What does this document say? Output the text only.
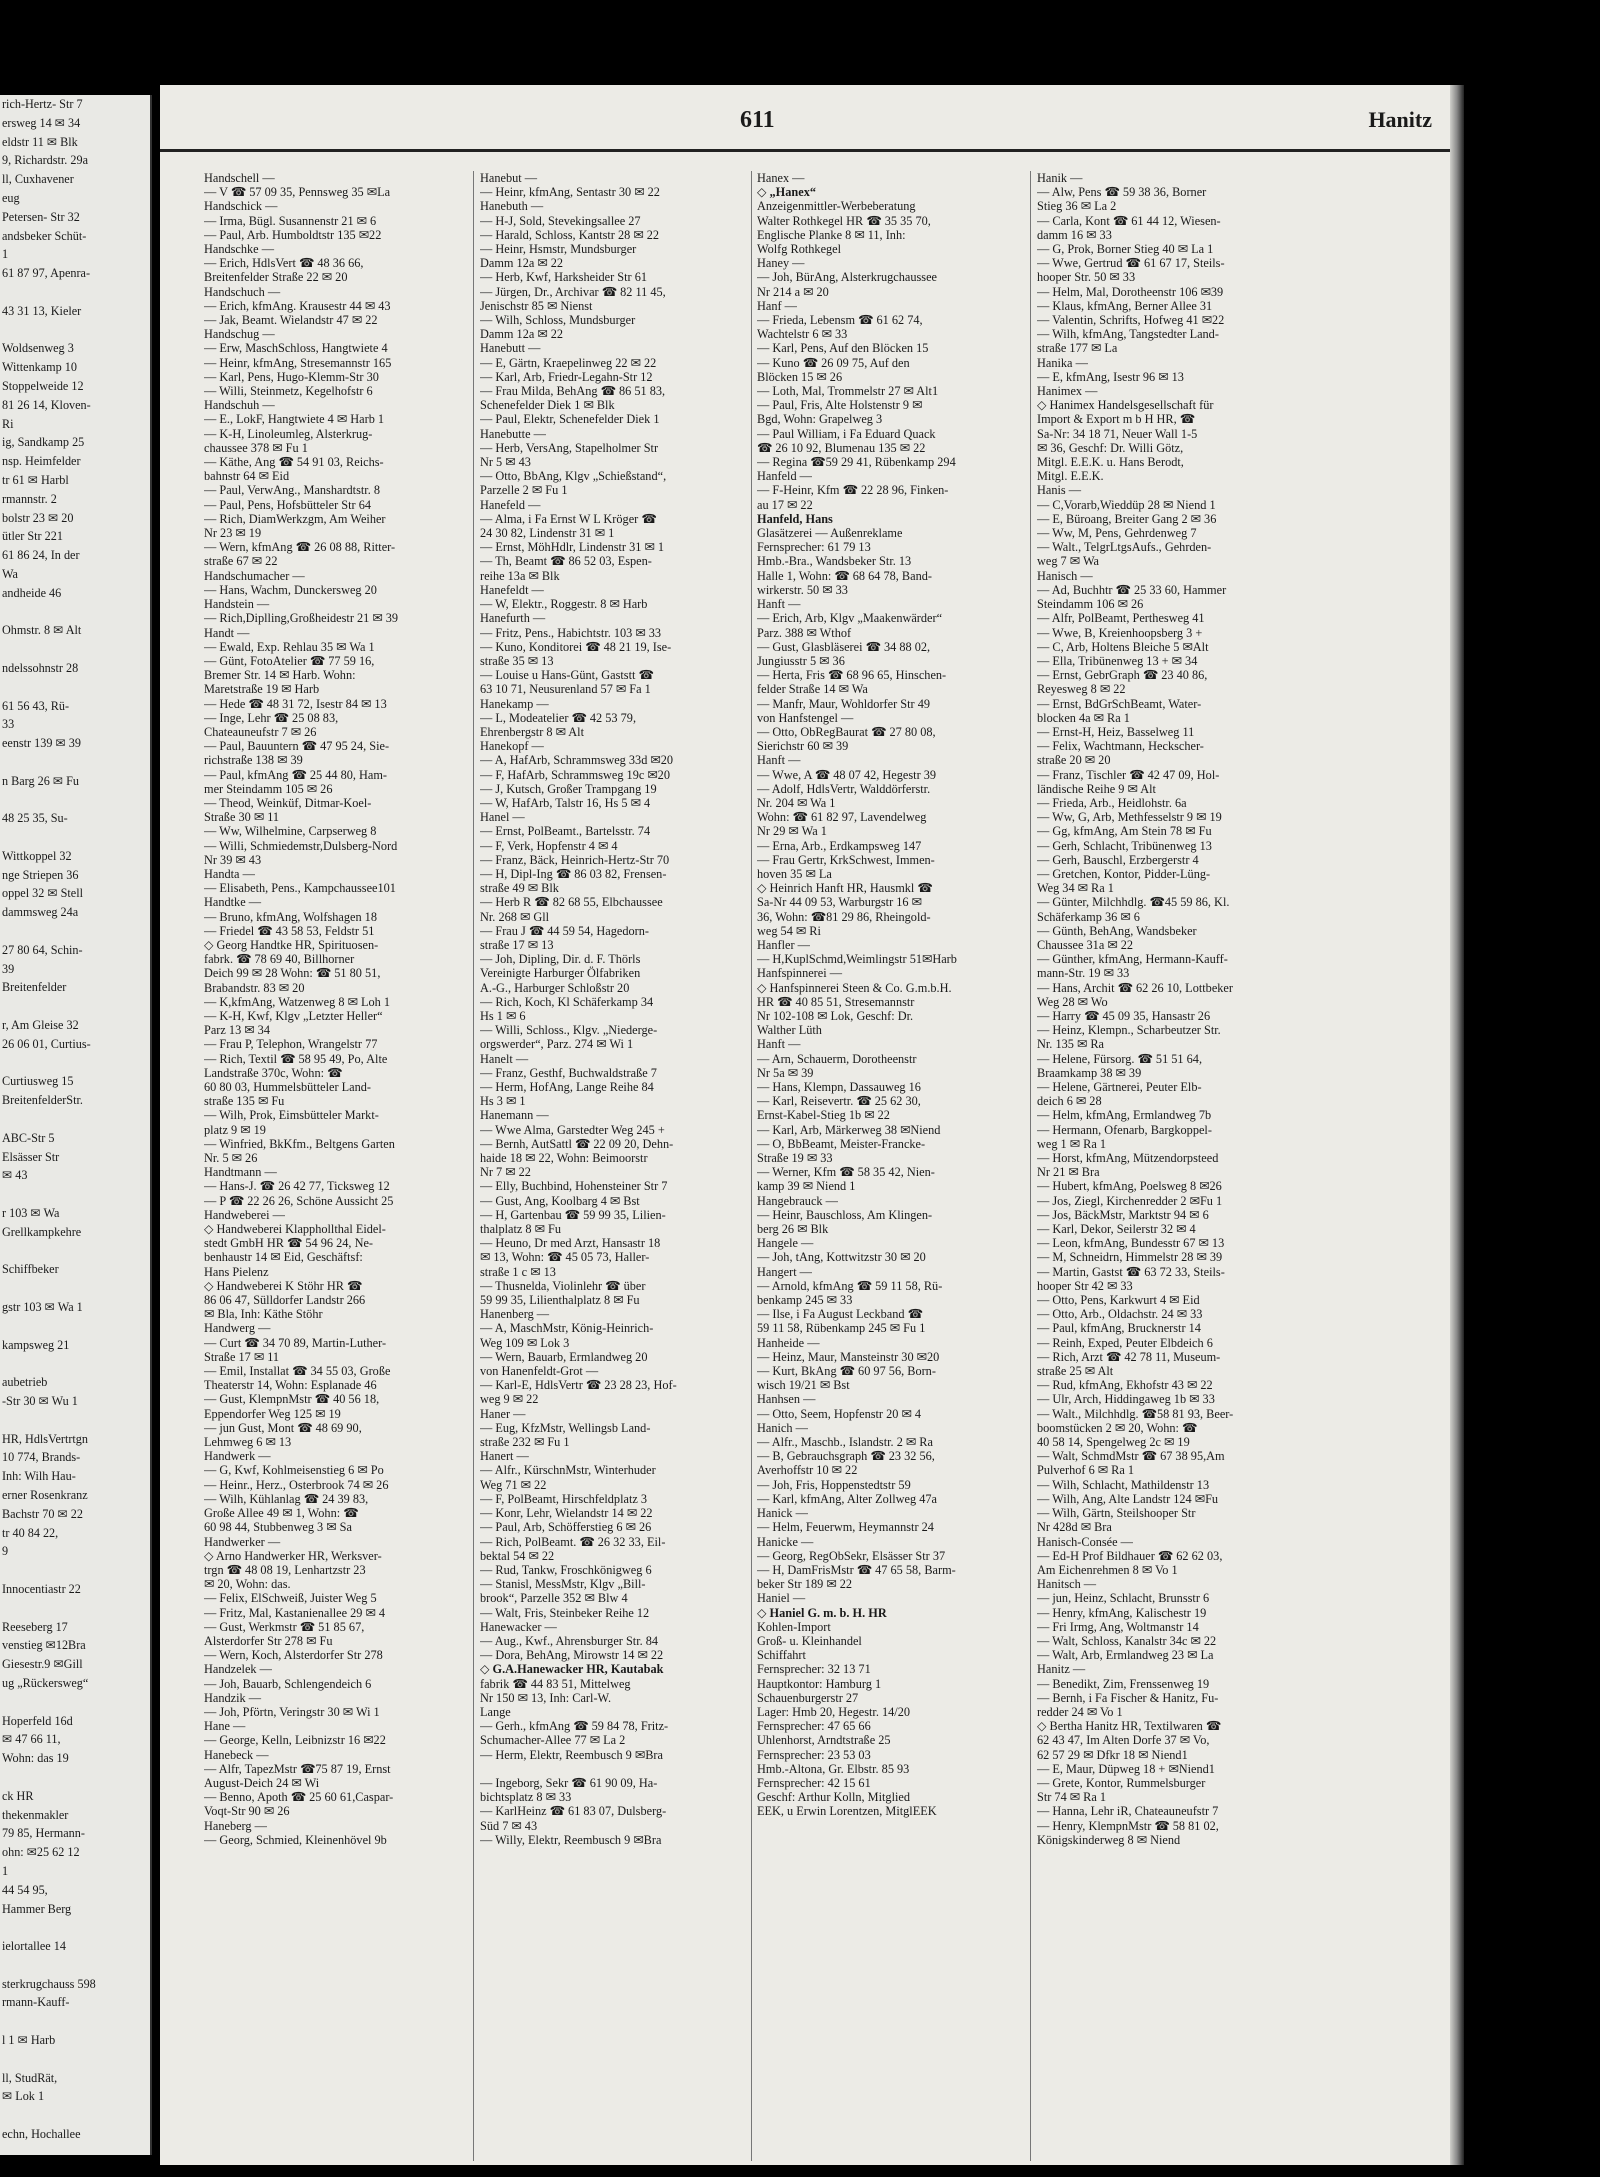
rich-Hertz- Str 7
ersweg 14 ✉ 34
eldstr 11 ✉ Blk
9, Richardstr. 29a
ll, Cuxhavener
eug
Petersen- Str 32
andsbeker Schüt-
1
61 87 97, Apenra-

43 31 13, Kieler

Woldsenweg 3
Wittenkamp 10
Stoppelweide 12
81 26 14, Kloven-
Ri
ig, Sandkamp 25
nsp. Heimfelder
tr 61 ✉ Harbl
rmannstr. 2
bolstr 23 ✉ 20
ütler Str 221
61 86 24, In der
Wa
andheide 46

Ohmstr. 8 ✉ Alt

ndelssohnstr 28

61 56 43, Rü-
33
eenstr 139 ✉ 39

n Barg 26 ✉ Fu

48 25 35, Su-

Wittkoppel 32
nge Striepen 36
oppel 32 ✉ Stell
dammsweg 24a

27 80 64, Schin-
39
Breitenfelder

r, Am Gleise 32
26 06 01, Curtius-

Curtiusweg 15
BreitenfelderStr.

ABC-Str 5
Elsässer Str
✉ 43

r 103 ✉ Wa
Grellkampkehre

Schiffbeker

gstr 103 ✉ Wa 1

kampsweg 21

aubetrieb
-Str 30 ✉ Wu 1

HR, HdlsVertrtgn
10 774, Brands-
Inh: Wilh Hau-
erner Rosenkranz
Bachstr 70 ✉ 22
tr 40 84 22,
9

Innocentiastr 22

Reeseberg 17
venstieg ✉12Bra
Giesestr.9 ✉Gill
ug „Rückersweg“

Hoperfeld 16d
✉ 47 66 11,
Wohn: das 19

ck HR
thekenmakler
79 85, Hermann-
ohn: ✉25 62 12
1
44 54 95,
Hammer Berg

ielortallee 14

sterkrugchauss 598
rmann-Kauff-

l 1 ✉ Harb

ll, StudRät,
✉ Lok 1

echn, Hochallee
611	Hanitz
Handschell —
— V ☎ 57 09 35, Pennsweg 35 ✉La
Handschick —
— Irma, Bügl. Susannenstr 21 ✉ 6
— Paul, Arb. Humboldtstr 135 ✉22
Handschke —
— Erich, HdlsVert ☎ 48 36 66,
Breitenfelder Straße 22 ✉ 20
Handschuch —
— Erich, kfmAng. Krausestr 44 ✉ 43
— Jak, Beamt. Wielandstr 47 ✉ 22
Handschug —
— Erw, MaschSchloss, Hangtwiete 4
— Heinr, kfmAng, Stresemannstr 165
— Karl, Pens, Hugo-Klemm-Str 30
— Willi, Steinmetz, Kegelhofstr 6
Handschuh —
— E., LokF, Hangtwiete 4 ✉ Harb 1
— K-H, Linoleumleg, Alsterkrug-
chaussee 378 ✉ Fu 1
— Käthe, Ang ☎ 54 91 03, Reichs-
bahnstr 64 ✉ Eid
— Paul, VerwAng., Manshardtstr. 8
— Paul, Pens, Hofsbütteler Str 64
— Rich, DiamWerkzgm, Am Weiher
Nr 23 ✉ 19
— Wern, kfmAng ☎ 26 08 88, Ritter-
straße 67 ✉ 22
Handschumacher —
— Hans, Wachm, Dunckersweg 20
Handstein —
— Rich,Diplling,Großheidestr 21 ✉ 39
Handt —
— Ewald, Exp. Rehlau 35 ✉ Wa 1
— Günt, FotoAtelier ☎ 77 59 16,
Bremer Str. 14 ✉ Harb. Wohn:
Maretstraße 19 ✉ Harb
— Hede ☎ 48 31 72, Isestr 84 ✉ 13
— Inge, Lehr ☎ 25 08 83,
Chateauneufstr 7 ✉ 26
— Paul, Bauuntern ☎ 47 95 24, Sie-
richstraße 138 ✉ 39
— Paul, kfmAng ☎ 25 44 80, Ham-
mer Steindamm 105 ✉ 26
— Theod, Weinküf, Ditmar-Koel-
Straße 30 ✉ 11
— Ww, Wilhelmine, Carpserweg 8
— Willi, Schmiedemstr,Dulsberg-Nord
Nr 39 ✉ 43
Handta —
— Elisabeth, Pens., Kampchaussee101
Handtke —
— Bruno, kfmAng, Wolfshagen 18
— Friedel ☎ 43 58 53, Feldstr 51
◇ Georg Handtke HR, Spirituosen-
fabrk. ☎ 78 69 40, Billhorner
Deich 99 ✉ 28 Wohn: ☎ 51 80 51,
Brabandstr. 83 ✉ 20
— K,kfmAng, Watzenweg 8 ✉ Loh 1
— K-H, Kwf, Klgv „Letzter Heller“
Parz 13 ✉ 34
— Frau P, Telephon, Wrangelstr 77
— Rich, Textil ☎ 58 95 49, Po, Alte
Landstraße 370c, Wohn: ☎
60 80 03, Hummelsbütteler Land-
straße 135 ✉ Fu
— Wilh, Prok, Eimsbütteler Markt-
platz 9 ✉ 19
— Winfried, BkKfm., Beltgens Garten
Nr. 5 ✉ 26
Handtmann —
— Hans-J. ☎ 26 42 77, Ticksweg 12
— P ☎ 22 26 26, Schöne Aussicht 25
Handweberei —
◇ Handweberei Klapphollthal Eidel-
stedt GmbH HR ☎ 54 96 24, Ne-
benhaustr 14 ✉ Eid, Geschäftsf:
Hans Pielenz
◇ Handweberei K Stöhr HR ☎
86 06 47, Sülldorfer Landstr 266
✉ Bla, Inh: Käthe Stöhr
Handwerg —
— Curt ☎ 34 70 89, Martin-Luther-
Straße 17 ✉ 11
— Emil, Installat ☎ 34 55 03, Große
Theaterstr 14, Wohn: Esplanade 46
— Gust, KlempnMstr ☎ 40 56 18,
Eppendorfer Weg 125 ✉ 19
— jun Gust, Mont ☎ 48 69 90,
Lehmweg 6 ✉ 13
Handwerk —
— G, Kwf, Kohlmeisenstieg 6 ✉ Po
— Heinr., Herz., Osterbrook 74 ✉ 26
— Wilh, Kühlanlag ☎ 24 39 83,
Große Allee 49 ✉ 1, Wohn: ☎
60 98 44, Stubbenweg 3 ✉ Sa
Handwerker —
◇ Arno Handwerker HR, Werksver-
trgn ☎ 48 08 19, Lenhartzstr 23
✉ 20, Wohn: das.
— Felix, ElSchweiß, Juister Weg 5
— Fritz, Mal, Kastanienallee 29 ✉ 4
— Gust, Werkmstr ☎ 51 85 67,
Alsterdorfer Str 278 ✉ Fu
— Wern, Koch, Alsterdorfer Str 278
Handzelek —
— Joh, Bauarb, Schlengendeich 6
Handzik —
— Joh, Pförtn, Veringstr 30 ✉ Wi 1
Hane —
— George, Kelln, Leibnizstr 16 ✉22
Hanebeck —
— Alfr, TapezMstr ☎75 87 19, Ernst
August-Deich 24 ✉ Wi
— Benno, Apoth ☎ 25 60 61,Caspar-
Voqt-Str 90 ✉ 26
Haneberg —
— Georg, Schmied, Kleinenhövel 9b
Hanebut —
— Heinr, kfmAng, Sentastr 30 ✉ 22
Hanebuth —
— H-J, Sold, Stevekingsallee 27
— Harald, Schloss, Kantstr 28 ✉ 22
— Heinr, Hsmstr, Mundsburger
Damm 12a ✉ 22
— Herb, Kwf, Harksheider Str 61
— Jürgen, Dr., Archivar ☎ 82 11 45,
Jenischstr 85 ✉ Nienst
— Wilh, Schloss, Mundsburger
Damm 12a ✉ 22
Hanebutt —
— E, Gärtn, Kraepelinweg 22 ✉ 22
— Karl, Arb, Friedr-Legahn-Str 12
— Frau Milda, BehAng ☎ 86 51 83,
Schenefelder Diek 1 ✉ Blk
— Paul, Elektr, Schenefelder Diek 1
Hanebutte —
— Herb, VersAng, Stapelholmer Str
Nr 5 ✉ 43
— Otto, BbAng, Klgv „Schießstand“,
Parzelle 2 ✉ Fu 1
Hanefeld —
— Alma, i Fa Ernst W L Kröger ☎
24 30 82, Lindenstr 31 ✉ 1
— Ernst, MöhHdlr, Lindenstr 31 ✉ 1
— Th, Beamt ☎ 86 52 03, Espen-
reihe 13a ✉ Blk
Hanefeldt —
— W, Elektr., Roggestr. 8 ✉ Harb
Hanefurth —
— Fritz, Pens., Habichtstr. 103 ✉ 33
— Kuno, Konditorei ☎ 48 21 19, Ise-
straße 35 ✉ 13
— Louise u Hans-Günt, Gaststt ☎
63 10 71, Neusurenland 57 ✉ Fa 1
Hanekamp —
— L, Modeatelier ☎ 42 53 79,
Ehrenbergstr 8 ✉ Alt
Hanekopf —
— A, HafArb, Schrammsweg 33d ✉20
— F, HafArb, Schrammsweg 19c ✉20
— J, Kutsch, Großer Trampgang 19
— W, HafArb, Talstr 16, Hs 5 ✉ 4
Hanel —
— Ernst, PolBeamt., Bartelsstr. 74
— F, Verk, Hopfenstr 4 ✉ 4
— Franz, Bäck, Heinrich-Hertz-Str 70
— H, Dipl-Ing ☎ 86 03 82, Frensen-
straße 49 ✉ Blk
— Herb R ☎ 82 68 55, Elbchaussee
Nr. 268 ✉ Gll
— Frau J ☎ 44 59 54, Hagedorn-
straße 17 ✉ 13
— Joh, Dipling, Dir. d. F. Thörls
Vereinigte Harburger Ölfabriken
A.-G., Harburger Schloßstr 20
— Rich, Koch, Kl Schäferkamp 34
Hs 1 ✉ 6
— Willi, Schloss., Klgv. „Niederge-
orgswerder“, Parz. 274 ✉ Wi 1
Hanelt —
— Franz, Gesthf, Buchwaldstraße 7
— Herm, HofAng, Lange Reihe 84
Hs 3 ✉ 1
Hanemann —
— Wwe Alma, Garstedter Weg 245 +
— Bernh, AutSattl ☎ 22 09 20, Dehn-
haide 18 ✉ 22, Wohn: Beimoorstr
Nr 7 ✉ 22
— Elly, Buchbind, Hohensteiner Str 7
— Gust, Ang, Koolbarg 4 ✉ Bst
— H, Gartenbau ☎ 59 99 35, Lilien-
thalplatz 8 ✉ Fu
— Heuno, Dr med Arzt, Hansastr 18
✉ 13, Wohn: ☎ 45 05 73, Haller-
straße 1 c ✉ 13
— Thusnelda, Violinlehr ☎ über
59 99 35, Lilienthalplatz 8 ✉ Fu
Hanenberg —
— A, MaschMstr, König-Heinrich-
Weg 109 ✉ Lok 3
— Wern, Bauarb, Ermlandweg 20
von Hanenfeldt-Grot —
— Karl-E, HdlsVertr ☎ 23 28 23, Hof-
weg 9 ✉ 22
Haner —
— Eug, KfzMstr, Wellingsb Land-
straße 232 ✉ Fu 1
Hanert —
— Alfr., KürschnMstr, Winterhuder
Weg 71 ✉ 22
— F, PolBeamt, Hirschfeldplatz 3
— Konr, Lehr, Wielandstr 14 ✉ 22
— Paul, Arb, Schöfferstieg 6 ✉ 26
— Rich, PolBeamt. ☎ 26 32 33, Eil-
bektal 54 ✉ 22
— Rud, Tankw, Froschkönigweg 6
— Stanisl, MessMstr, Klgv „Bill-
brook“, Parzelle 352 ✉ Blw 4
— Walt, Fris, Steinbeker Reihe 12
Hanewacker —
— Aug., Kwf., Ahrensburger Str. 84
— Dora, BehAng, Mirowstr 14 ✉ 22
◇ G.A.Hanewacker HR, Kautabak
fabrik ☎ 44 83 51, Mittelweg
Nr 150 ✉ 13, Inh: Carl-W.
Lange
— Gerh., kfmAng ☎ 59 84 78, Fritz-
Schumacher-Allee 77 ✉ La 2
— Herm, Elektr, Reembusch 9 ✉Bra

— Ingeborg, Sekr ☎ 61 90 09, Ha-
bichtsplatz 8 ✉ 33
— KarlHeinz ☎ 61 83 07, Dulsberg-
Süd 7 ✉ 43
— Willy, Elektr, Reembusch 9 ✉Bra
Hanex —
◇ „Hanex“
Anzeigenmittler-Werbeberatung
Walter Rothkegel HR ☎ 35 35 70,
Englische Planke 8 ✉ 11, Inh:
Wolfg Rothkegel
Haney —
— Joh, BürAng, Alsterkrugchaussee
Nr 214 a ✉ 20
Hanf —
— Frieda, Lebensm ☎ 61 62 74,
Wachtelstr 6 ✉ 33
— Karl, Pens, Auf den Blöcken 15
— Kuno ☎ 26 09 75, Auf den
Blöcken 15 ✉ 26
— Loth, Mal, Trommelstr 27 ✉ Alt1
— Paul, Fris, Alte Holstenstr 9 ✉
Bgd, Wohn: Grapelweg 3
— Paul William, i Fa Eduard Quack
☎ 26 10 92, Blumenau 135 ✉ 22
— Regina ☎59 29 41, Rübenkamp 294
Hanfeld —
— F-Heinr, Kfm ☎ 22 28 96, Finken-
au 17 ✉ 22
Hanfeld, Hans
Glasätzerei — Außenreklame
Fernsprecher: 61 79 13
Hmb.-Bra., Wandsbeker Str. 13
Halle 1, Wohn: ☎ 68 64 78, Band-
wirkerstr. 50 ✉ 33
Hanft —
— Erich, Arb, Klgv „Maakenwärder“
Parz. 388 ✉ Wthof
— Gust, Glasbläserei ☎ 34 88 02,
Jungiusstr 5 ✉ 36
— Herta, Fris ☎ 68 96 65, Hinschen-
felder Straße 14 ✉ Wa
— Manfr, Maur, Wohldorfer Str 49
von Hanfstengel —
— Otto, ObRegBaurat ☎ 27 80 08,
Sierichstr 60 ✉ 39
Hanft —
— Wwe, A ☎ 48 07 42, Hegestr 39
— Adolf, HdlsVertr, Walddörferstr.
Nr. 204 ✉ Wa 1
Wohn: ☎ 61 82 97, Lavendelweg
Nr 29 ✉ Wa 1
— Erna, Arb., Erdkampsweg 147
— Frau Gertr, KrkSchwest, Immen-
hoven 35 ✉ La
◇ Heinrich Hanft HR, Hausmkl ☎
Sa-Nr 44 09 53, Warburgstr 16 ✉
36, Wohn: ☎81 29 86, Rheingold-
weg 54 ✉ Ri
Hanfler —
— H,KuplSchmd,Weimlingstr 51✉Harb
Hanfspinnerei —
◇ Hanfspinnerei Steen & Co. G.m.b.H.
HR ☎ 40 85 51, Stresemannstr
Nr 102-108 ✉ Lok, Geschf: Dr.
Walther Lüth
Hanft —
— Arn, Schauerm, Dorotheenstr
Nr 5a ✉ 39
— Hans, Klempn, Dassauweg 16
— Karl, Reisevertr. ☎ 25 62 30,
Ernst-Kabel-Stieg 1b ✉ 22
— Karl, Arb, Märkerweg 38 ✉Niend
— O, BbBeamt, Meister-Francke-
Straße 19 ✉ 33
— Werner, Kfm ☎ 58 35 42, Nien-
kamp 39 ✉ Niend 1
Hangebrauck —
— Heinr, Bauschloss, Am Klingen-
berg 26 ✉ Blk
Hangele —
— Joh, tAng, Kottwitzstr 30 ✉ 20
Hangert —
— Arnold, kfmAng ☎ 59 11 58, Rü-
benkamp 245 ✉ 33
— Ilse, i Fa August Leckband ☎
59 11 58, Rübenkamp 245 ✉ Fu 1
Hanheide —
— Heinz, Maur, Mansteinstr 30 ✉20
— Kurt, BkAng ☎ 60 97 56, Born-
wisch 19/21 ✉ Bst
Hanhsen —
— Otto, Seem, Hopfenstr 20 ✉ 4
Hanich —
— Alfr., Maschb., Islandstr. 2 ✉ Ra
— B, Gebrauchsgraph ☎ 23 32 56,
Averhoffstr 10 ✉ 22
— Joh, Fris, Hoppenstedtstr 59
— Karl, kfmAng, Alter Zollweg 47a
Hanick —
— Helm, Feuerwm, Heymannstr 24
Hanicke —
— Georg, RegObSekr, Elsässer Str 37
— H, DamFrisMstr ☎ 47 65 58, Barm-
beker Str 189 ✉ 22
Haniel —
◇ Haniel G. m. b. H. HR
Kohlen-Import
Groß- u. Kleinhandel
Schiffahrt
Fernsprecher: 32 13 71
Hauptkontor: Hamburg 1
Schauenburgerstr 27
Lager: Hmb 20, Hegestr. 14/20
Fernsprecher: 47 65 66
Uhlenhorst, Arndtstraße 25
Fernsprecher: 23 53 03
Hmb.-Altona, Gr. Elbstr. 85 93
Fernsprecher: 42 15 61
Geschf: Arthur Kolln, Mitglied
EEK, u Erwin Lorentzen, MitglEEK
Hanik —
— Alw, Pens ☎ 59 38 36, Borner
Stieg 36 ✉ La 2
— Carla, Kont ☎ 61 44 12, Wiesen-
damm 16 ✉ 33
— G, Prok, Borner Stieg 40 ✉ La 1
— Wwe, Gertrud ☎ 61 67 17, Steils-
hooper Str. 50 ✉ 33
— Helm, Mal, Dorotheenstr 106 ✉39
— Klaus, kfmAng, Berner Allee 31
— Valentin, Schrifts, Hofweg 41 ✉22
— Wilh, kfmAng, Tangstedter Land-
straße 177 ✉ La
Hanika —
— E, kfmAng, Isestr 96 ✉ 13
Hanimex —
◇ Hanimex Handelsgesellschaft für
Import & Export m b H HR, ☎
Sa-Nr: 34 18 71, Neuer Wall 1-5
✉ 36, Geschf: Dr. Willi Götz,
Mitgl. E.E.K. u. Hans Berodt,
Mitgl. E.E.K.
Hanis —
— C,Vorarb,Wieddüp 28 ✉ Niend 1
— E, Büroang, Breiter Gang 2 ✉ 36
— Ww, M, Pens, Gehrdenweg 7
— Walt., TelgrLtgsAufs., Gehrden-
weg 7 ✉ Wa
Hanisch —
— Ad, Buchhtr ☎ 25 33 60, Hammer
Steindamm 106 ✉ 26
— Alfr, PolBeamt, Perthesweg 41
— Wwe, B, Kreienhoopsberg 3 +
— C, Arb, Holtens Bleiche 5 ✉Alt
— Ella, Tribünenweg 13 + ✉ 34
— Ernst, GebrGraph ☎ 23 40 86,
Reyesweg 8 ✉ 22
— Ernst, BdGrSchBeamt, Water-
blocken 4a ✉ Ra 1
— Ernst-H, Heiz, Basselweg 11
— Felix, Wachtmann, Heckscher-
straße 20 ✉ 20
— Franz, Tischler ☎ 42 47 09, Hol-
ländische Reihe 9 ✉ Alt
— Frieda, Arb., Heidlohstr. 6a
— Ww, G, Arb, Methfesselstr 9 ✉ 19
— Gg, kfmAng, Am Stein 78 ✉ Fu
— Gerh, Schlacht, Tribünenweg 13
— Gerh, Bauschl, Erzbergerstr 4
— Gretchen, Kontor, Pidder-Lüng-
Weg 34 ✉ Ra 1
— Günter, Milchhdlg. ☎45 59 86, Kl.
Schäferkamp 36 ✉ 6
— Günth, BehAng, Wandsbeker
Chaussee 31a ✉ 22
— Günther, kfmAng, Hermann-Kauff-
mann-Str. 19 ✉ 33
— Hans, Archit ☎ 62 26 10, Lottbeker
Weg 28 ✉ Wo
— Harry ☎ 45 09 35, Hansastr 26
— Heinz, Klempn., Scharbeutzer Str.
Nr. 135 ✉ Ra
— Helene, Fürsorg. ☎ 51 51 64,
Braamkamp 38 ✉ 39
— Helene, Gärtnerei, Peuter Elb-
deich 6 ✉ 28
— Helm, kfmAng, Ermlandweg 7b
— Hermann, Ofenarb, Bargkoppel-
weg 1 ✉ Ra 1
— Horst, kfmAng, Mützendorpsteed
Nr 21 ✉ Bra
— Hubert, kfmAng, Poelsweg 8 ✉26
— Jos, Ziegl, Kirchenredder 2 ✉Fu 1
— Jos, BäckMstr, Marktstr 94 ✉ 6
— Karl, Dekor, Seilerstr 32 ✉ 4
— Leon, kfmAng, Bundesstr 67 ✉ 13
— M, Schneidrn, Himmelstr 28 ✉ 39
— Martin, Gastst ☎ 63 72 33, Steils-
hooper Str 42 ✉ 33
— Otto, Pens, Karkwurt 4 ✉ Eid
— Otto, Arb., Oldachstr. 24 ✉ 33
— Paul, kfmAng, Brucknerstr 14
— Reinh, Exped, Peuter Elbdeich 6
— Rich, Arzt ☎ 42 78 11, Museum-
straße 25 ✉ Alt
— Rud, kfmAng, Ekhofstr 43 ✉ 22
— Ulr, Arch, Hiddingaweg 1b ✉ 33
— Walt., Milchhdlg. ☎58 81 93, Beer-
boomstücken 2 ✉ 20, Wohn: ☎
40 58 14, Spengelweg 2c ✉ 19
— Walt, SchmdMstr ☎ 67 38 95,Am
Pulverhof 6 ✉ Ra 1
— Wilh, Schlacht, Mathildenstr 13
— Wilh, Ang, Alte Landstr 124 ✉Fu
— Wilh, Gärtn, Steilshooper Str
Nr 428d ✉ Bra
Hanisch-Consée —
— Ed-H Prof Bildhauer ☎ 62 62 03,
Am Eichenrehmen 8 ✉ Vo 1
Hanitsch —
— jun, Heinz, Schlacht, Brunsstr 6
— Henry, kfmAng, Kalischestr 19
— Fri Irmg, Ang, Woltmanstr 14
— Walt, Schloss, Kanalstr 34c ✉ 22
— Walt, Arb, Ermlandweg 23 ✉ La
Hanitz —
— Benedikt, Zim, Frenssenweg 19
— Bernh, i Fa Fischer & Hanitz, Fu-
redder 24 ✉ Vo 1
◇ Bertha Hanitz HR, Textilwaren ☎
62 43 47, Im Alten Dorfe 37 ✉ Vo,
62 57 29 ✉ Dfkr 18 ✉ Niend1
— E, Maur, Düpweg 18 + ✉Niend1
— Grete, Kontor, Rummelsburger
Str 74 ✉ Ra 1
— Hanna, Lehr iR, Chateauneufstr 7
— Henry, KlempnMstr ☎ 58 81 02,
Königskinderweg 8 ✉ Niend
